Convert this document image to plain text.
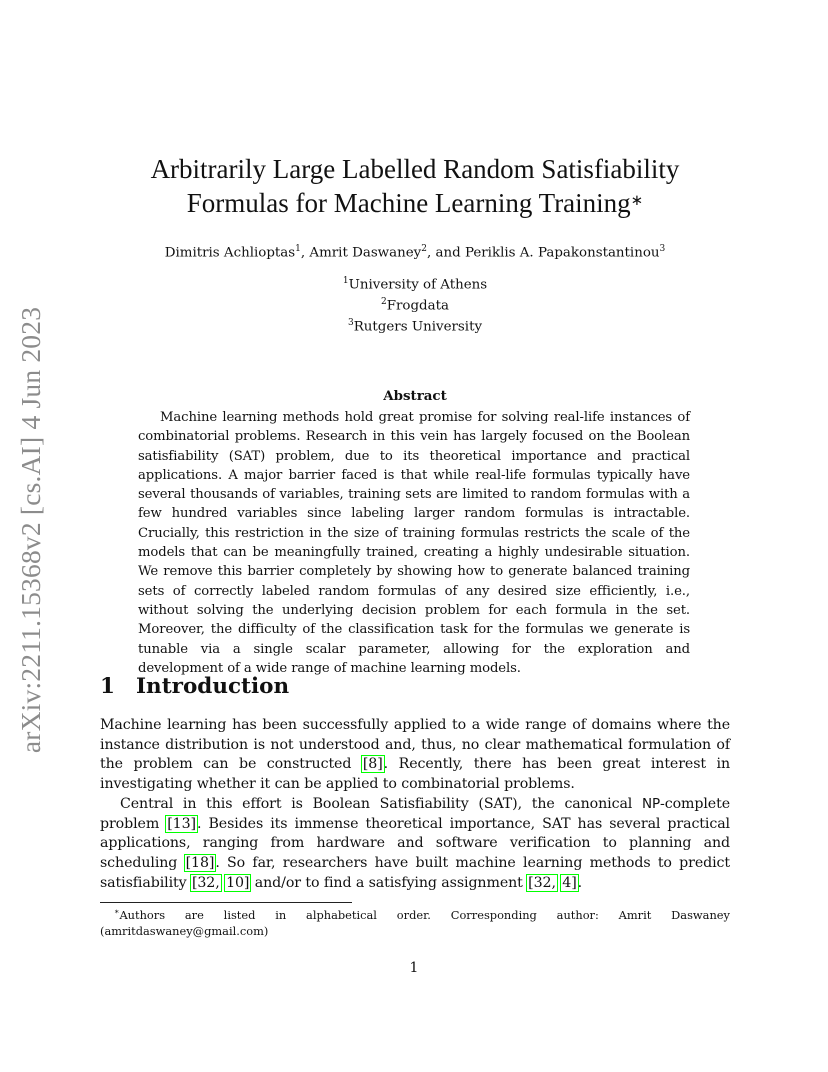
arXiv:2211.15368v2 [cs.AI] 4 Jun 2023
Arbitrarily Large Labelled Random Satisfiability
Formulas for Machine Learning Training∗
Dimitris Achlioptas$^1$, Amrit Daswaney$^2$, and Periklis A. Papakonstantinou$^3$
$^1$University of Athens
$^2$Frogdata
$^3$Rutgers University
Abstract
Machine learning methods hold great promise for solving real-life instances of combinatorial problems. Research in this vein has largely focused on the Boolean satisfiability (SAT) problem, due to its theoretical importance and practical applications. A major barrier faced is that while real-life formulas typically have several thousands of variables, training sets are limited to random formulas with a few hundred variables since labeling larger random formulas is intractable. Crucially, this restriction in the size of training formulas restricts the scale of the models that can be meaningfully trained, creating a highly undesirable situation. We remove this barrier completely by showing how to generate balanced training sets of correctly labeled random formulas of any desired size efficiently, i.e., without solving the underlying decision problem for each formula in the set. Moreover, the difficulty of the classification task for the formulas we generate is tunable via a single scalar parameter, allowing for the exploration and development of a wide range of machine learning models.
1 Introduction

Machine learning has been successfully applied to a wide range of domains where the instance distribution is not understood and, thus, no clear mathematical formulation of the problem can be constructed [8]. Recently, there has been great interest in investigating whether it can be applied to combinatorial problems.

Central in this effort is Boolean Satisfiability (SAT), the canonical NP-complete problem [13]. Besides its immense theoretical importance, SAT has several practical applications, ranging from hardware and software verification to planning and scheduling [18]. So far, researchers have built machine learning methods to predict satisfiability [32, 10] and/or to find a satisfying assignment [32, 4].

∗Authors are listed in alphabetical order. Corresponding author: Amrit Daswaney (amritdaswaney@gmail.com)
1
